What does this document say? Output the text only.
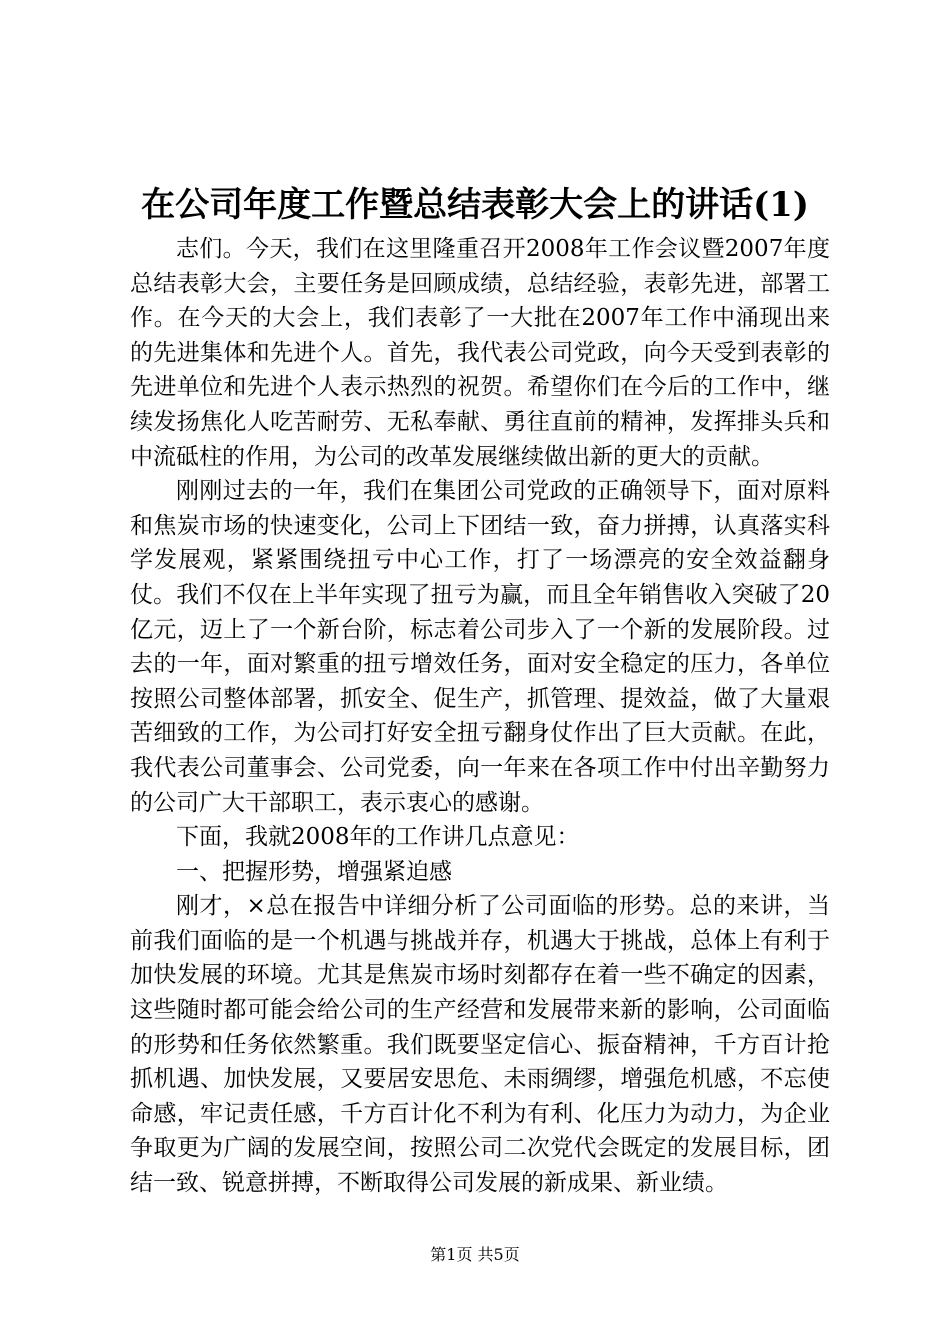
在公司年度工作暨总结表彰大会上的讲话(1)

志们。今天，我们在这里隆重召开2008年工作会议暨2007年度总结表彰大会，主要任务是回顾成绩，总结经验，表彰先进，部署工作。在今天的大会上，我们表彰了一大批在2007年工作中涌现出来的先进集体和先进个人。首先，我代表公司党政，向今天受到表彰的先进单位和先进个人表示热烈的祝贺。希望你们在今后的工作中，继续发扬焦化人吃苦耐劳、无私奉献、勇往直前的精神，发挥排头兵和中流砥柱的作用，为公司的改革发展继续做出新的更大的贡献。

刚刚过去的一年，我们在集团公司党政的正确领导下，面对原料和焦炭市场的快速变化，公司上下团结一致，奋力拼搏，认真落实科学发展观，紧紧围绕扭亏中心工作，打了一场漂亮的安全效益翻身仗。我们不仅在上半年实现了扭亏为赢，而且全年销售收入突破了20亿元，迈上了一个新台阶，标志着公司步入了一个新的发展阶段。过去的一年，面对繁重的扭亏增效任务，面对安全稳定的压力，各单位按照公司整体部署，抓安全、促生产，抓管理、提效益，做了大量艰苦细致的工作，为公司打好安全扭亏翻身仗作出了巨大贡献。在此，我代表公司董事会、公司党委，向一年来在各项工作中付出辛勤努力的公司广大干部职工，表示衷心的感谢。

下面，我就2008年的工作讲几点意见：

一、把握形势，增强紧迫感

刚才，×总在报告中详细分析了公司面临的形势。总的来讲，当前我们面临的是一个机遇与挑战并存，机遇大于挑战，总体上有利于加快发展的环境。尤其是焦炭市场时刻都存在着一些不确定的因素，这些随时都可能会给公司的生产经营和发展带来新的影响，公司面临的形势和任务依然繁重。我们既要坚定信心、振奋精神，千方百计抢抓机遇、加快发展，又要居安思危、未雨绸缪，增强危机感，不忘使命感，牢记责任感，千方百计化不利为有利、化压力为动力，为企业争取更为广阔的发展空间，按照公司二次党代会既定的发展目标，团结一致、锐意拼搏，不断取得公司发展的新成果、新业绩。

第1页 共5页
